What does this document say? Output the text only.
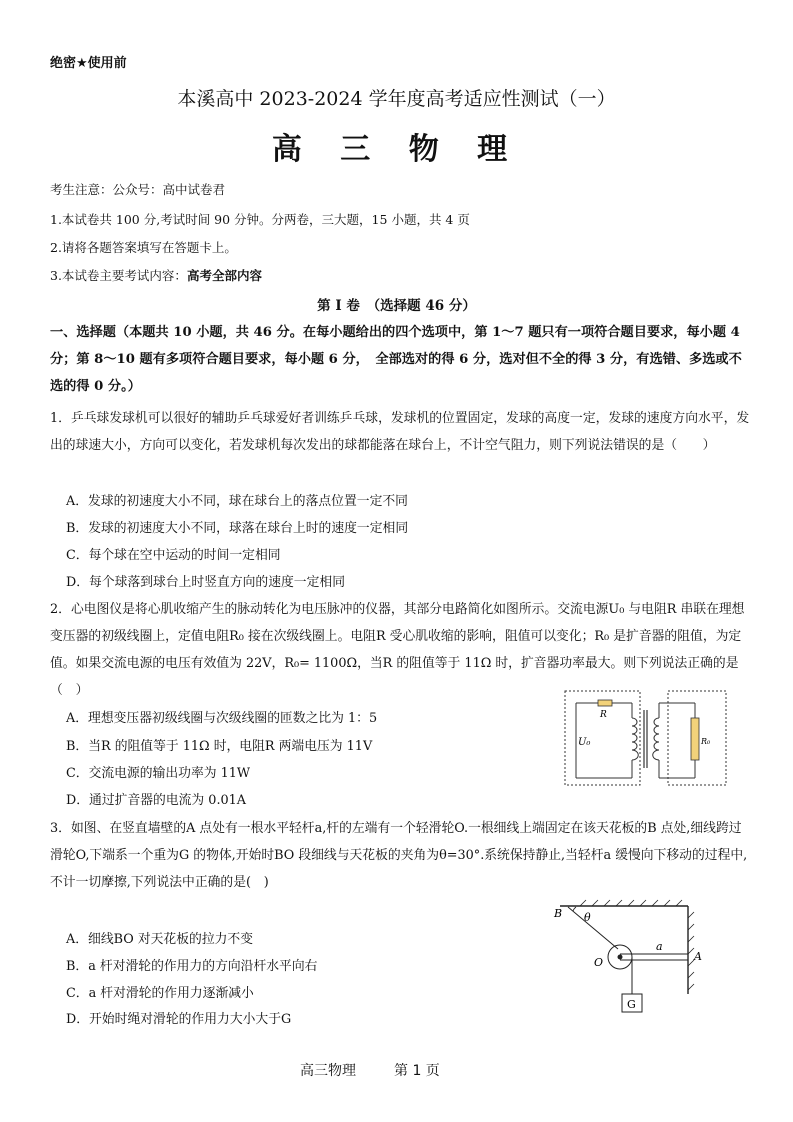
绝密★使用前
本溪高中 2023-2024 学年度高考适应性测试（一）
高 三 物 理
考生注意：公众号：高中试卷君
1.本试卷共 100 分,考试时间 90 分钟。分两卷，三大题，15 小题，共 4 页
2.请将各题答案填写在答题卡上。
3.本试卷主要考试内容：高考全部内容
第 I 卷　（选择题 46 分）
一、选择题（本题共 10 小题，共 46 分。在每小题给出的四个选项中，第 1～7 题只有一项符合题目要求，每小题 4 分；第 8～10 题有多项符合题目要求，每小题 6 分，　全部选对的得 6 分，选对但不全的得 3 分，有选错、多选或不选的得 0 分。）
1．乒乓球发球机可以很好的辅助乒乓球爱好者训练乒乓球，发球机的位置固定，发球的高度一定，发球的速度方向水平，发出的球速大小，方向可以变化，若发球机每次发出的球都能落在球台上，不计空气阻力，则下列说法错误的是（　　）
A．发球的初速度大小不同，球在球台上的落点位置一定不同
B．发球的初速度大小不同，球落在球台上时的速度一定相同
C．每个球在空中运动的时间一定相同
D．每个球落到球台上时竖直方向的速度一定相同
2．心电图仪是将心肌收缩产生的脉动转化为电压脉冲的仪器，其部分电路简化如图所示。交流电源U₀ 与电阻R 串联在理想变压器的初级线圈上，定值电阻R₀ 接在次级线圈上。电阻R 受心肌收缩的影响，阻值可以变化；R₀ 是扩音器的阻值，为定值。如果交流电源的电压有效值为 22V，R₀= 1100Ω，当R 的阻值等于 11Ω 时，扩音器功率最大。则下列说法正确的是（　）
A．理想变压器初级线圈与次级线圈的匝数之比为 1：5
B．当R 的阻值等于 11Ω 时，电阻R 两端电压为 11V
C．交流电源的输出功率为 11W
D．通过扩音器的电流为 0.01A
R
U₀	R₀
3．如图、在竖直墙壁的A 点处有一根水平轻杆a,杆的左端有一个轻滑轮O.一根细线上端固定在该天花板的B 点处,细线跨过滑轮O,下端系一个重为G 的物体,开始时BO 段细线与天花板的夹角为θ=30°.系统保持静止,当轻杆a 缓慢向下移动的过程中,不计一切摩擦,下列说法中正确的是(　)
A．细线BO 对天花板的拉力不变
B．a 杆对滑轮的作用力的方向沿杆水平向右
C．a 杆对滑轮的作用力逐渐减小
D．开始时绳对滑轮的作用力大小大于G
B θ
a
O	A
G
高三物理	第 1 页
